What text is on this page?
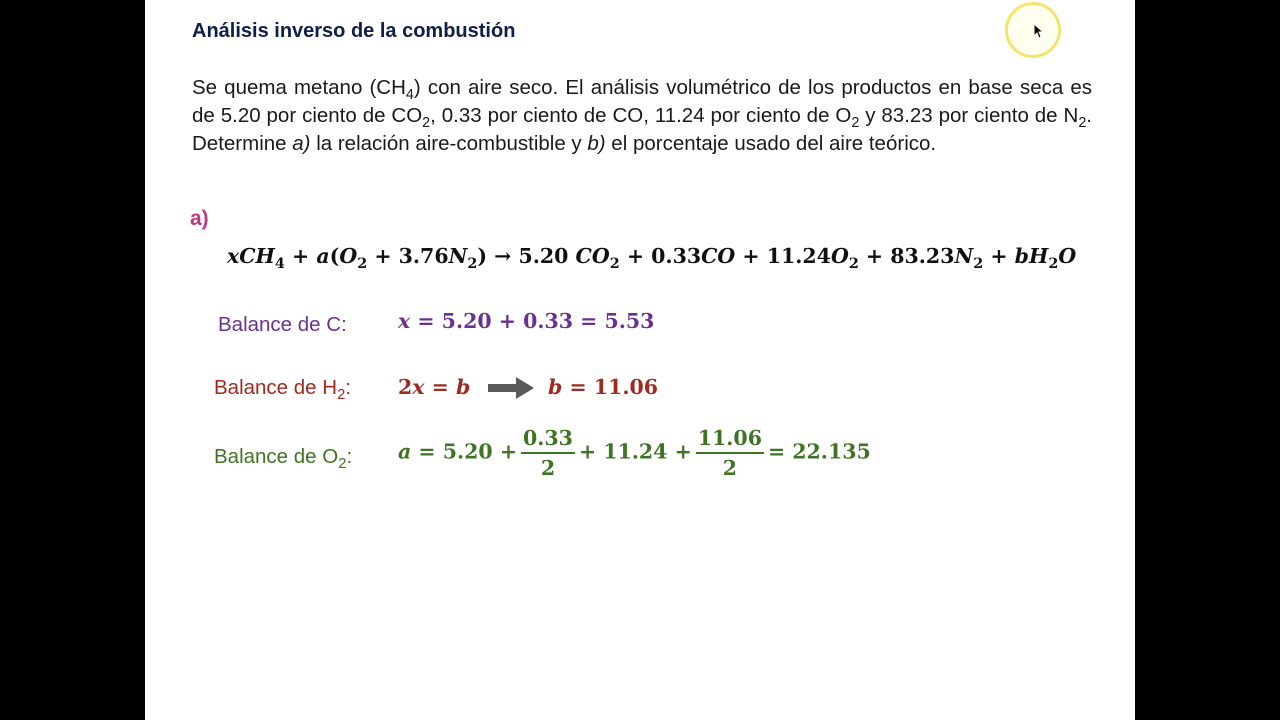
Análisis inverso de la combustión
Se quema metano $(CH_4)$ con aire seco. El análisis volumétrico de los productos en base seca es de 5.20 por ciento de $CO_2$, 0.33 por ciento de CO, 11.24 por ciento de $O_2$ y 83.23 por ciento de $N_2$. Determine a) la relación aire-combustible y b) el porcentaje usado del aire teórico.
a)
$xCH_4 + a(O_2 + 3.76N_2) \to 5.20$ $CO_2 + 0.33CO + 11.24O_2 + 83.23N_2 + bH_2O$
Balance de C: x = 5.20 + 0.33 = 5.53
Balance de $H_2$: 2x = b	b = 11.06
Balance de $O_2$: $a = 5.20 + \frac{0.33}{2} + 11.24 + \frac{11.06}{2} = 22.135$
